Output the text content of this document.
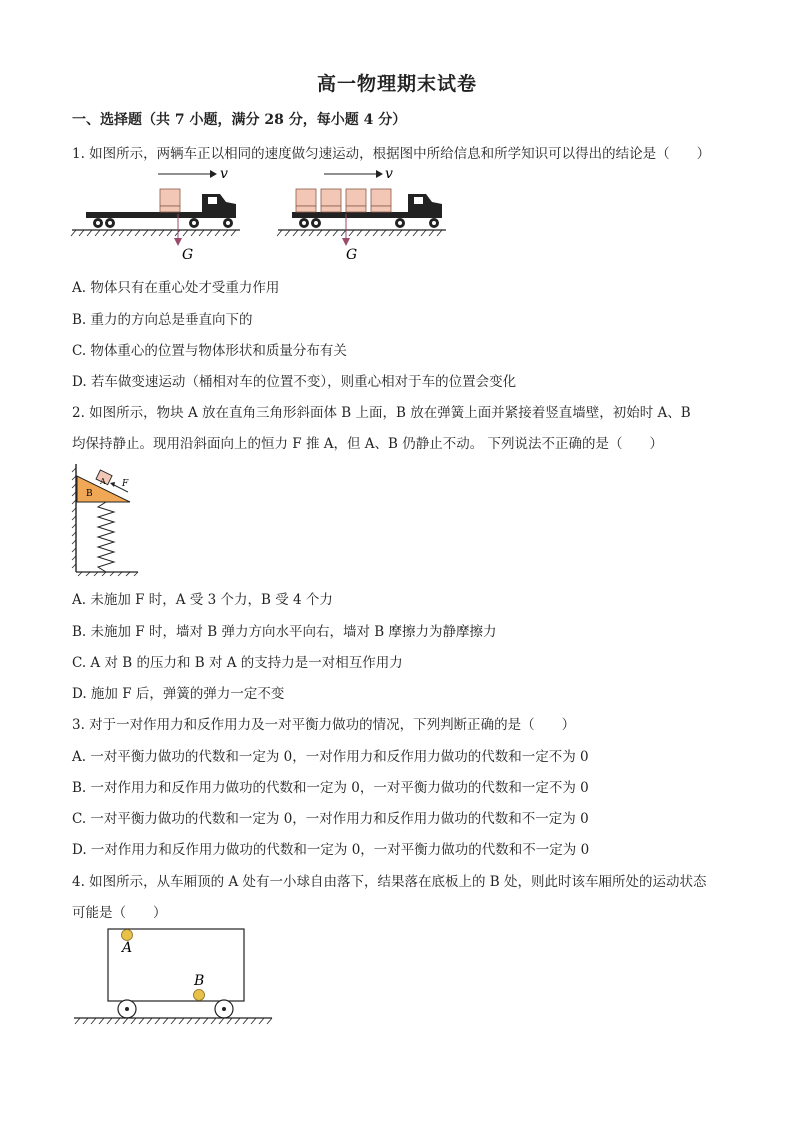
高一物理期末试卷
一、选择题（共 7 小题，满分 28 分，每小题 4 分）
1. 如图所示，两辆车正以相同的速度做匀速运动，根据图中所给信息和所学知识可以得出的结论是（　　）
v
G
v
G
A. 物体只有在重心处才受重力作用
B. 重力的方向总是垂直向下的
C. 物体重心的位置与物体形状和质量分布有关
D. 若车做变速运动（桶相对车的位置不变），则重心相对于车的位置会变化
2. 如图所示，物块 A 放在直角三角形斜面体 B 上面，B 放在弹簧上面并紧接着竖直墙壁，初始时 A、B
均保持静止。现用沿斜面向上的恒力 F 推 A，但 A、B 仍静止不动。 下列说法不正确的是（　　）
B
A F
A. 未施加 F 时，A 受 3 个力，B 受 4 个力
B. 未施加 F 时，墙对 B 弹力方向水平向右，墙对 B 摩擦力为静摩擦力
C. A 对 B 的压力和 B 对 A 的支持力是一对相互作用力
D. 施加 F 后，弹簧的弹力一定不变
3. 对于一对作用力和反作用力及一对平衡力做功的情况，下列判断正确的是（　　）
A. 一对平衡力做功的代数和一定为 0，一对作用力和反作用力做功的代数和一定不为 0
B. 一对作用力和反作用力做功的代数和一定为 0，一对平衡力做功的代数和一定不为 0
C. 一对平衡力做功的代数和一定为 0，一对作用力和反作用力做功的代数和不一定为 0
D. 一对作用力和反作用力做功的代数和一定为 0，一对平衡力做功的代数和不一定为 0
4. 如图所示，从车厢顶的 A 处有一小球自由落下，结果落在底板上的 B 处，则此时该车厢所处的运动状态
可能是（　　）
A
B
